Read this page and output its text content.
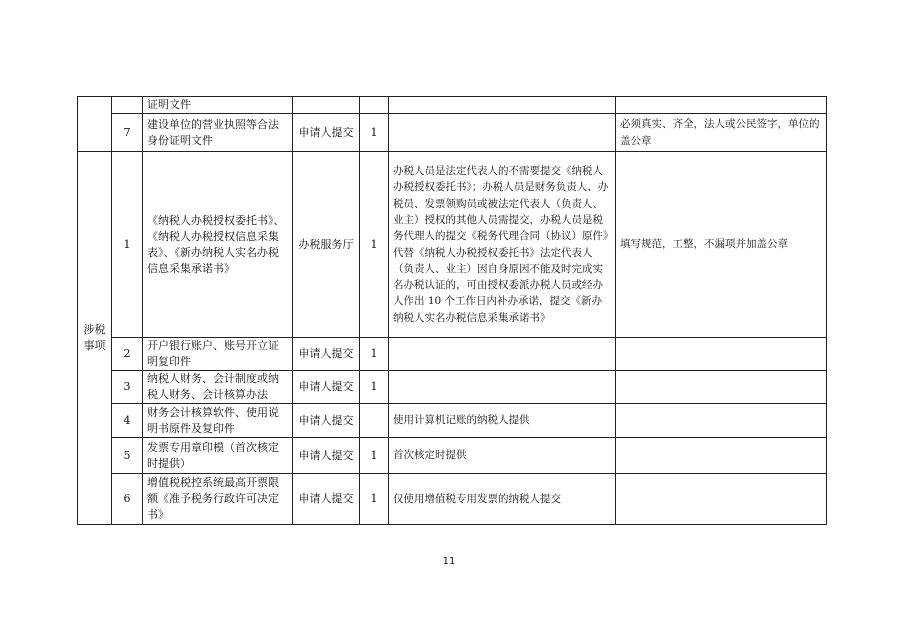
		证明文件				
	7	建设单位的营业执照等合法身份证明文件	申请人提交	1		必须真实、齐全，法人或公民签字，单位的盖公章
涉税事项	1	《纳税人办税授权委托书》、《纳税人办税授权信息采集表》、《新办纳税人实名办税信息采集承诺书》	办税服务厅	1	办税人员是法定代表人的不需要提交《纳税人办税授权委托书》；办税人员是财务负责人、办税员、发票领购员或被法定代表人（负责人、业主）授权的其他人员需提交，办税人员是税务代理人的提交《税务代理合同（协议）原件》代替《纳税人办税授权委托书》法定代表人（负责人、业主）因自身原因不能及时完成实名办税认证的，可由授权委派办税人员或经办人作出 10 个工作日内补办承诺，提交《新办纳税人实名办税信息采集承诺书》	填写规范，工整，不漏项并加盖公章
	2	开户银行账户、账号开立证明复印件	申请人提交	1		
	3	纳税人财务、会计制度或纳税人财务、会计核算办法	申请人提交	1		
	4	财务会计核算软件、使用说明书原件及复印件	申请人提交		使用计算机记账的纳税人提供	
	5	发票专用章印模（首次核定时提供）	申请人提交	1	首次核定时提供	
	6	增值税税控系统最高开票限额《准予税务行政许可决定书》	申请人提交	1	仅使用增值税专用发票的纳税人提交	
11
